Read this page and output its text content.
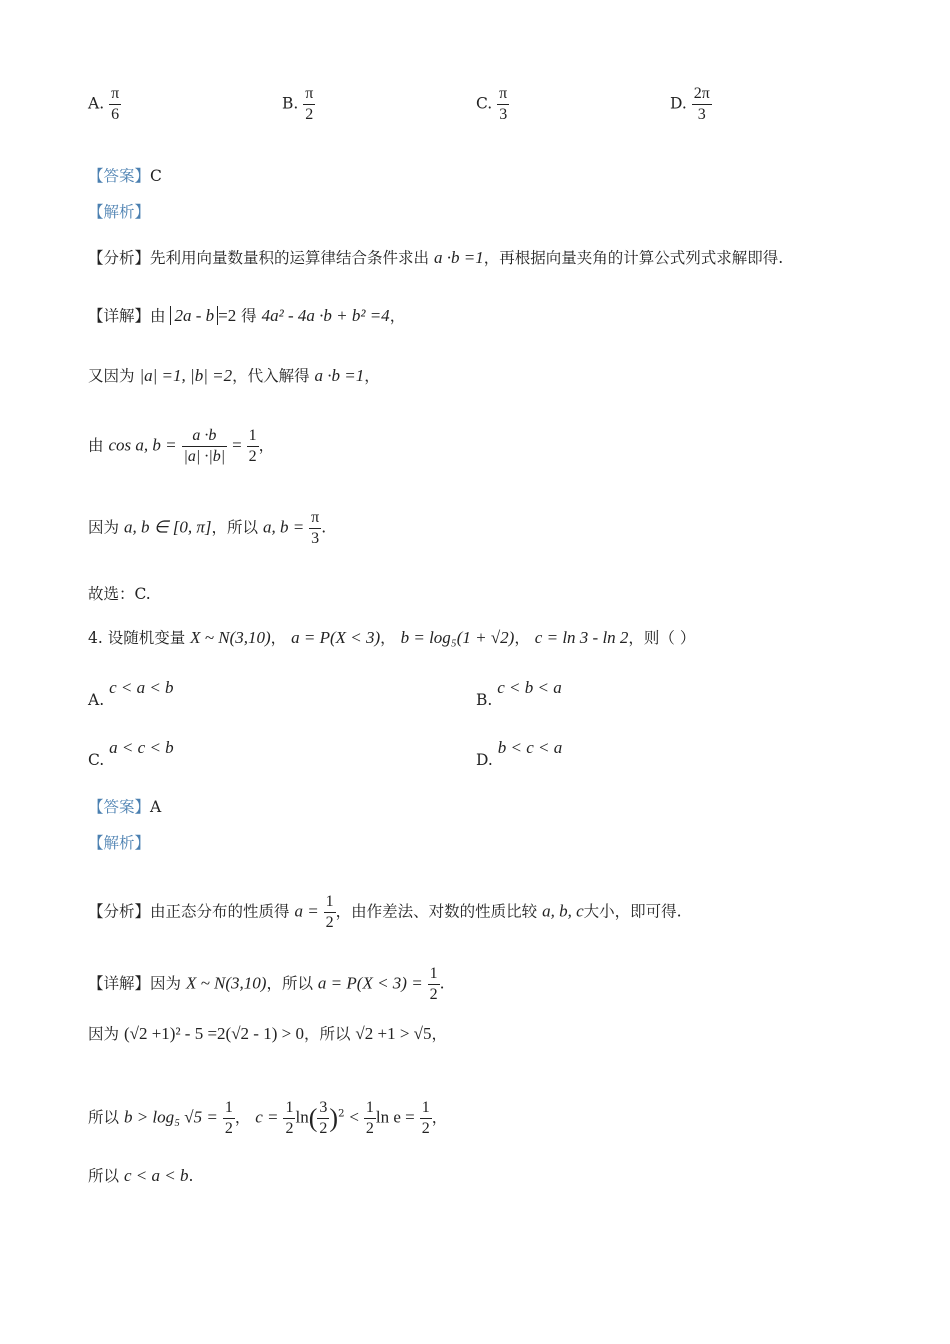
A. $\frac{\pi}{6}$	B. $\frac{\pi}{2}$	C. $\frac{\pi}{3}$	D. $\frac{2\pi}{3}$
【答案】C
【解析】
【分析】先利用向量数量积的运算律结合条件求出 a ·b =1，再根据向量夹角的计算公式列式求解即得.
【详解】由 2a - b =2 得 4a² - 4a ·b + b² =4，
又因为 |a| =1, |b| =2，代入解得 a ·b =1，
由 cos a, $b = \frac{a \cdot b}{|a| \cdot|b|} = \frac{1}{2}$ ，
因为 a, b ∈ [0, π]，所以 a, $b = \frac{\pi}{3}$ .
故选：C.
4. 设随机变量 X ~ N(3,10)， a = P(X < 3)， b = log₅(1 + √2)， c = ln 3 - ln 2，则（ ）
A. c < a < b
B. c < b < a
C. a < c < b
D. b < c < a
【答案】A
【解析】
【分析】由正态分布的性质得 $a = \frac{1}{2}$ ，由作差法、对数的性质比较 a, b, c大小，即可得.
【详解】因为 X ~ N(3,10)，所以 $a = P(X < 3) = \frac{1}{2}$ .
因为 (√2 +1)² - 5 =2(√2 - 1) > 0，所以 √2 +1 > √5，
所以 b > log₅ $√5 = \frac{1}{2}$ ， $c = \frac{1}{2} \ln( \frac{3}{2} )^2 < \frac{1}{2}$ $\ln e = \frac{1}{2}$ ，
所以 c < a < b.
